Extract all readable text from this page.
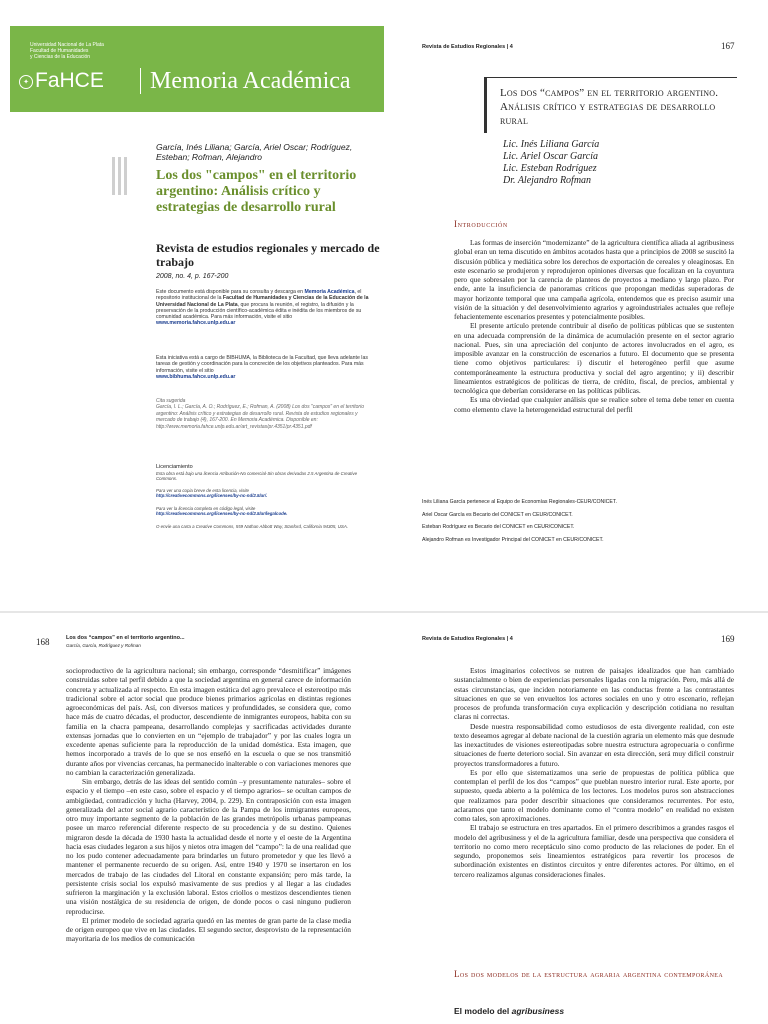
Universidad Nacional de La Plata
Facultad de Humanidades
y Ciencias de la Educación
✦ FaHCE Memoria Académica
García, Inés Liliana; García, Ariel Oscar; Rodríguez, Esteban; Rofman, Alejandro
Los dos "campos" en el territorio argentino: Análisis crítico y estrategias de desarrollo rural
Revista de estudios regionales y mercado de trabajo
2008, no. 4, p. 167-200
Este documento está disponible para su consulta y descarga en Memoria Académica, el repositorio institucional de la Facultad de Humanidades y Ciencias de la Educación de la Universidad Nacional de La Plata, que procura la reunión, el registro, la difusión y la preservación de la producción científico-académica édita e inédita de los miembros de su comunidad académica. Para más información, visite el sitio
www.memoria.fahce.unlp.edu.ar
Esta iniciativa está a cargo de BIBHUMA, la Biblioteca de la Facultad, que lleva adelante las tareas de gestión y coordinación para la concreción de los objetivos planteados. Para más información, visite el sitio
www.bibhuma.fahce.unlp.edu.ar
Cita sugerida
García, I. L.; García, A. O.; Rodríguez, E.; Rofman, A. (2008) Los dos "campos" en el territorio argentino: Análisis crítico y estrategias de desarrollo rural. Revista de estudios regionales y mercado de trabajo (4), 167-200. En Memoria Académica. Disponible en: http://www.memoria.fahce.unlp.edu.ar/art_revistas/pr.4351/pr.4351.pdf
Licenciamiento
Esta obra está bajo una licencia Atribución-No comercial-Sin obras derivadas 2.5 Argentina de Creative Commons.
Para ver una copia breve de esta licencia, visite
http://creativecommons.org/licenses/by-nc-nd/2.5/ar/.
Para ver la licencia completa en código legal, visite
http://creativecommons.org/licenses/by-nc-nd/2.5/ar/legalcode.
O envíe una carta a Creative Commons, 559 Nathan Abbott Way, Stanford, California 94305, USA.
Revista de Estudios Regionales | 4	167
Los dos “campos” en el territorio argentino. Análisis crítico y estrategias de desarrollo rural
Lic. Inés Liliana García
Lic. Ariel Oscar García
Lic. Esteban Rodríguez
Dr. Alejandro Rofman
Introducción

Las formas de inserción “modernizante” de la agricultura científica aliada al agribusiness global eran un tema discutido en ámbitos acotados hasta que a principios de 2008 se suscitó la discusión pública y mediática sobre los derechos de exportación de cereales y oleaginosas. En este escenario se produjeron y reprodujeron opiniones diversas que focalizan en la coyuntura pero que sobresalen por la carencia de planteos de proyectos a mediano y largo plazo. Por ende, ante la insuficiencia de panoramas críticos que propongan medidas superadoras de mayor horizonte temporal que una campaña agrícola, entendemos que es preciso asumir una visión de la situación y del desenvolvimiento agrarios y agroindustriales actuales que refleje fehacientemente escenarios presentes y potencialmente posibles.

El presente artículo pretende contribuir al diseño de políticas públicas que se sustenten en una adecuada comprensión de la dinámica de acumulación presente en el sector agrario nacional. Pues, sin una apreciación del conjunto de actores involucrados en el agro, es imposible avanzar en la construcción de escenarios a futuro. El documento que se presenta tiene como objetivos particulares: i) discutir el heterogéneo perfil que asume contemporáneamente la estructura productiva y social del agro argentino; y ii) describir lineamientos estratégicos de políticas de tierra, de crédito, fiscal, de precios, ambiental y tecnológica que deberían considerarse en las políticas públicas.

Es una obviedad que cualquier análisis que se realice sobre el tema debe tener en cuenta como elemento clave la heterogeneidad estructural del perfil

Inés Liliana García pertenece al Equipo de Economías Regionales-CEUR/CONICET.
Ariel Oscar García es Becario del CONICET en CEUR/CONICET.
Esteban Rodríguez es Becario del CONICET en CEUR/CONICET.
Alejandro Rofman es Investigador Principal del CONICET en CEUR/CONICET.
168	Los dos “campos” en el territorio argentino...
García, García, Rodríguez y Rofman

socioproductivo de la agricultura nacional; sin embargo, corresponde “desmitificar” imágenes construidas sobre tal perfil debido a que la sociedad argentina en general carece de información concreta y actualizada al respecto. En esta imagen estática del agro prevalece el estereotipo más tradicional sobre el actor social que produce bienes primarios agrícolas en distintas regiones agroeconómicas del país. Así, con diversos matices y profundidades, se considera que, como hace más de cuatro décadas, el productor, descendiente de inmigrantes europeos, habita con su familia en la chacra pampeana, desarrollando complejas y sacrificadas actividades durante extensas jornadas que lo convierten en un “ejemplo de trabajador” y por las cuales logra un excedente apenas suficiente para la reproducción de la unidad doméstica. Esta imagen, que hemos incorporado a través de lo que se nos enseñó en la escuela o que se nos transmitió durante años por vivencias cercanas, ha permanecido inalterable o con variaciones menores que no cambian la caracterización generalizada.

Sin embargo, detrás de las ideas del sentido común –y presuntamente naturales– sobre el espacio y el tiempo –en este caso, sobre el espacio y el tiempo agrarios– se ocultan campos de ambigüedad, contradicción y lucha (Harvey, 2004, p. 229). En contraposición con esta imagen generalizada del actor social agrario característico de la Pampa de los inmigrantes europeos, otro muy importante segmento de la población de las grandes metrópolis urbanas pampeanas posee un marco referencial diferente respecto de su procedencia y de su destino. Quienes migraron desde la década de 1930 hasta la actualidad desde el norte y el oeste de la Argentina hacia esas ciudades legaron a sus hijos y nietos otra imagen del “campo”: la de una realidad que no los pudo contener adecuadamente para brindarles un futuro prometedor y que les llevó a mantener el permanente recuerdo de su origen. Así, entre 1940 y 1970 se insertaron en los mercados de trabajo de las ciudades del Litoral en constante expansión; pero más tarde, la persistente crisis social los expulsó masivamente de sus predios y al llegar a las ciudades sufrieron la marginación y la exclusión laboral. Estos criollos o mestizos descendientes tienen una visión nostálgica de su residencia de origen, de donde pocos o casi ninguno pudieron reproducirse.

El primer modelo de sociedad agraria quedó en las mentes de gran parte de la clase media de origen europeo que vive en las ciudades. El segundo sector, desprovisto de la representación mayoritaria de los medios de comunicación

Revista de Estudios Regionales | 4	169

Estos imaginarios colectivos se nutren de paisajes idealizados que han cambiado sustancialmente o bien de experiencias personales ligadas con la migración. Pero, más allá de estas circunstancias, que inciden notoriamente en las conductas frente a las contrastantes situaciones en que se ven envueltos los actores sociales en uno y otro escenario, reflejan procesos de profunda transformación cuya explicación y descripción cotidiana no resultan claras ni correctas.

Desde nuestra responsabilidad como estudiosos de esta divergente realidad, con este texto deseamos agregar al debate nacional de la cuestión agraria un elemento más que desnude las inexactitudes de visiones estereotipadas sobre nuestra estructura agropecuaria o confirme situaciones de fuerte deterioro social. Sin avanzar en esta dirección, será muy difícil construir proyectos transformadores a futuro.

Es por ello que sistematizamos una serie de propuestas de política pública que contemplan el perfil de los dos “campos” que pueblan nuestro interior rural. Este aporte, por supuesto, queda abierto a la polémica de los lectores. Los modelos puros son abstracciones que realizamos para poder describir situaciones que consideramos recurrentes. Por esto, aclaramos que tanto el modelo dominante como el “contra modelo” en realidad no existen como tales, son aproximaciones.

El trabajo se estructura en tres apartados. En el primero describimos a grandes rasgos el modelo del agribusiness y el de la agricultura familiar, desde una perspectiva que considera el territorio no como mero receptáculo sino como producto de las relaciones de poder. En el segundo, proponemos seis lineamientos estratégicos para revertir los procesos de subordinación existentes en distintos circuitos y entre diferentes actores. Por último, en el tercero realizamos algunas consideraciones finales.

Los dos modelos de la estructura agraria argentina contemporánea
El modelo del agribusiness
